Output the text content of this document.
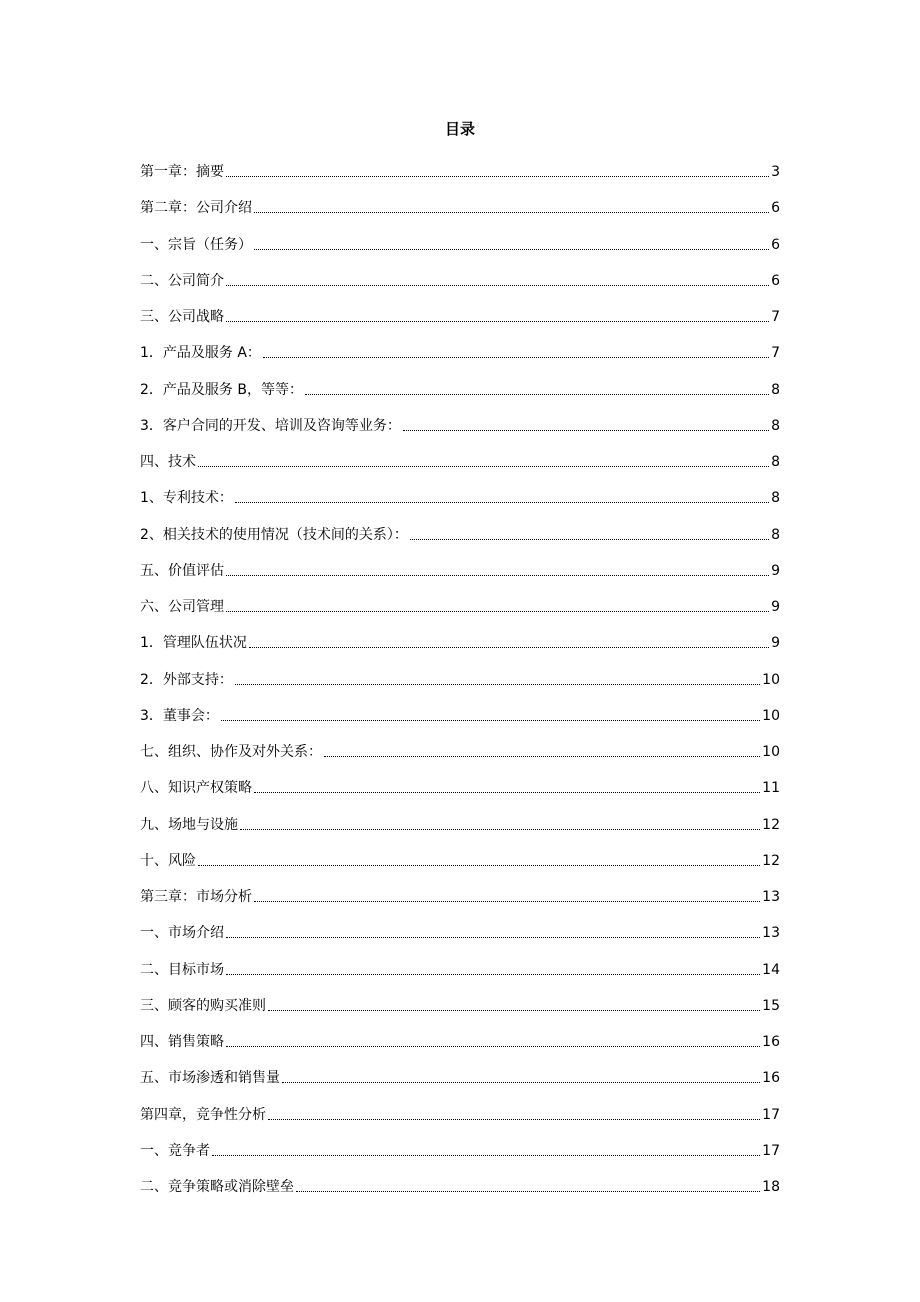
目录
第一章：摘要	3
第二章：公司介绍	6
一、宗旨（任务）	6
二、公司简介	6
三、公司战略	7
1．产品及服务 A：	7
2．产品及服务 B，等等：	8
3．客户合同的开发、培训及咨询等业务：	8
四、技术	8
1、专利技术：	8
2、相关技术的使用情况（技术间的关系）：	8
五、价值评估	9
六、公司管理	9
1．管理队伍状况	9
2．外部支持：	10
3．董事会：	10
七、组织、协作及对外关系：	10
八、知识产权策略	11
九、场地与设施	12
十、风险	12
第三章：市场分析	13
一、市场介绍	13
二、目标市场	14
三、顾客的购买准则	15
四、销售策略	16
五、市场渗透和销售量	16
第四章，竞争性分析	17
一、竞争者	17
二、竞争策略或消除壁垒	18
